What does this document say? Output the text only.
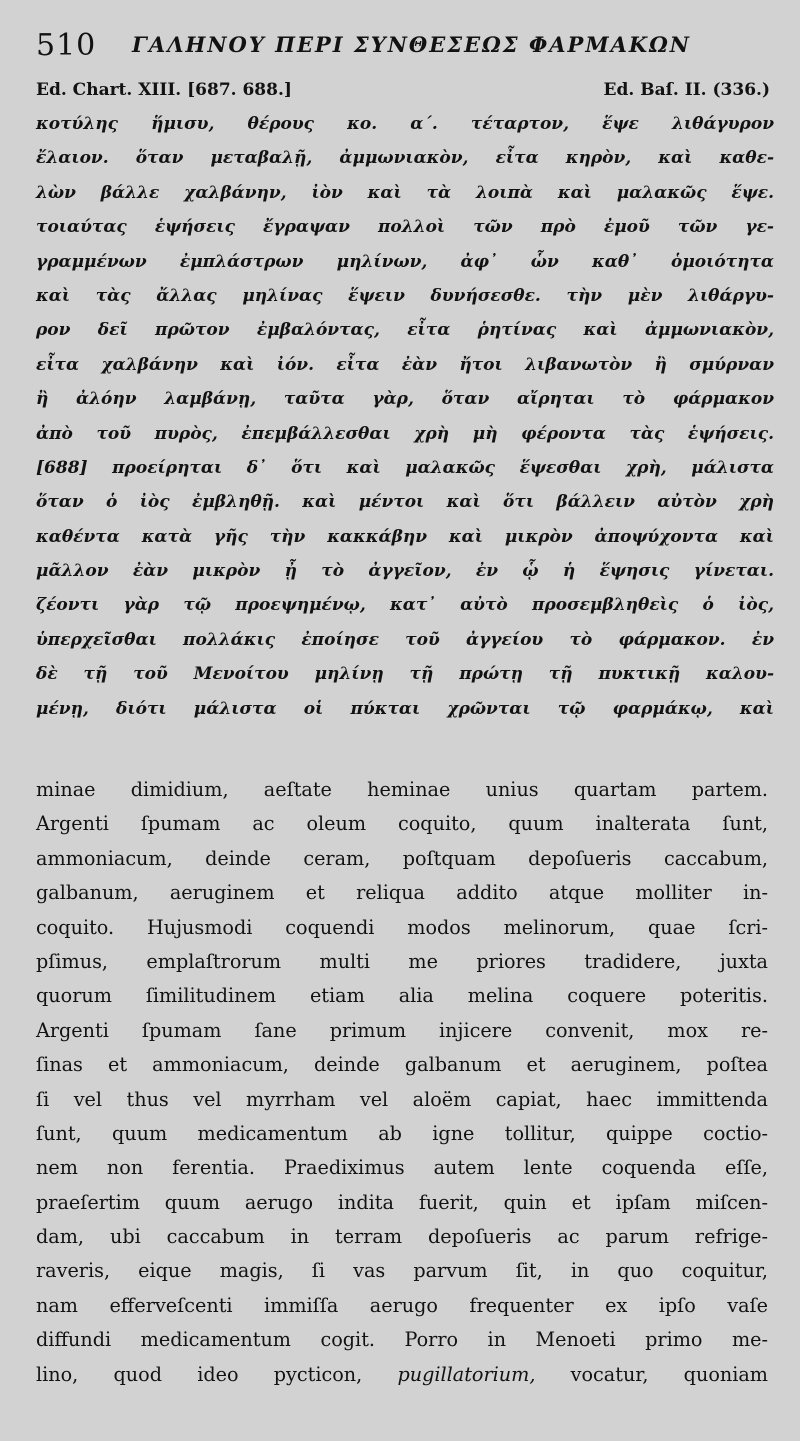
510 ΓΑΛΗΝΟΥ ΠΕΡΙ ΣΥΝΘΕΣΕΩΣ ΦΑΡΜΑΚΩΝ
Ed. Chart. XIII. [687. 688.]	Ed. Baſ. II. (336.)
κοτύλης ἥμισυ, θέρους κο. α΄. τέταρτον, ἕψε λιθάγυρον
ἔλαιον. ὅταν μεταβαλῇ, ἀμμωνιακὸν, εἶτα κηρὸν, καὶ καθε-
λὼν βάλλε χαλβάνην, ἰὸν καὶ τὰ λοιπὰ καὶ μαλακῶς ἕψε.
τοιαύτας ἑψήσεις ἔγραψαν πολλοὶ τῶν πρὸ ἐμοῦ τῶν γε-
γραμμένων ἐμπλάστρων μηλίνων, ἀφ᾿ ὧν καθ᾿ ὁμοιότητα
καὶ τὰς ἄλλας μηλίνας ἕψειν δυνήσεσθε. τὴν μὲν λιθάργυ-
ρον δεῖ πρῶτον ἐμβαλόντας, εἶτα ῥητίνας καὶ ἀμμωνιακὸν,
εἶτα χαλβάνην καὶ ἰόν. εἶτα ἐὰν ἤτοι λιβανωτὸν ἢ σμύρναν
ἢ ἀλόην λαμβάνῃ, ταῦτα γὰρ, ὅταν αἴρηται τὸ φάρμακον
ἀπὸ τοῦ πυρὸς, ἐπεμβάλλεσθαι χρὴ μὴ φέροντα τὰς ἑψήσεις.
[688] προείρηται δ᾿ ὅτι καὶ μαλακῶς ἕψεσθαι χρὴ, μάλιστα
ὅταν ὁ ἰὸς ἐμβληθῇ. καὶ μέντοι καὶ ὅτι βάλλειν αὐτὸν χρὴ
καθέντα κατὰ γῆς τὴν κακκάβην καὶ μικρὸν ἀποψύχοντα καὶ
μᾶλλον ἐὰν μικρὸν ᾖ τὸ ἀγγεῖον, ἐν ᾧ ἡ ἕψησις γίνεται.
ζέοντι γὰρ τῷ προεψημένῳ, κατ᾿ αὐτὸ προσεμβληθεὶς ὁ ἰὸς,
ὑπερχεῖσθαι πολλάκις ἐποίησε τοῦ ἀγγείου τὸ φάρμακον. ἐν
δὲ τῇ τοῦ Μενοίτου μηλίνῃ τῇ πρώτῃ τῇ πυκτικῇ καλου-
μένῃ, διότι μάλιστα οἱ πύκται χρῶνται τῷ φαρμάκῳ, καὶ
minae dimidium, aeſtate heminae unius quartam partem.
Argenti ſpumam ac oleum coquito, quum inalterata ſunt,
ammoniacum, deinde ceram, poſtquam depoſueris caccabum,
galbanum, aeruginem et reliqua addito atque molliter in-
coquito. Hujusmodi coquendi modos melinorum, quae ſcri-
pſimus, emplaſtrorum multi me priores tradidere, juxta
quorum ſimilitudinem etiam alia melina coquere poteritis.
Argenti ſpumam ſane primum injicere convenit, mox re-
ſinas et ammoniacum, deinde galbanum et aeruginem, poſtea
ſi vel thus vel myrrham vel aloëm capiat, haec immittenda
ſunt, quum medicamentum ab igne tollitur, quippe coctio-
nem non ferentia. Praediximus autem lente coquenda eſſe,
praeſertim quum aerugo indita fuerit, quin et ipſam miſcen-
dam, ubi caccabum in terram depoſueris ac parum refrige-
raveris, eique magis, ſi vas parvum ſit, in quo coquitur,
nam effervеſcenti immiſſa aerugo frequenter ex ipſo vaſe
diffundi medicamentum cogit. Porro in Menoeti primo me-
lino, quod ideo pycticon, pugillatorium, vocatur, quoniam
